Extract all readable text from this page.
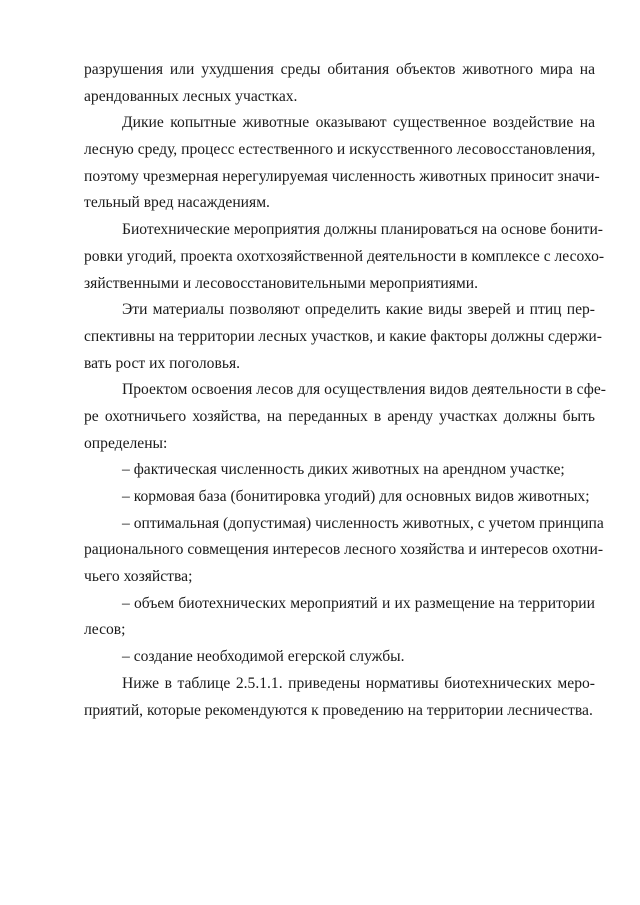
разрушения или ухудшения среды обитания объектов животного мира на
арендованных лесных участках.
Дикие копытные животные оказывают существенное воздействие на
лесную среду, процесс естественного и искусственного лесовосстановления,
поэтому чрезмерная нерегулируемая численность животных приносит значи-
тельный вред насаждениям.
Биотехнические мероприятия должны планироваться на основе бонити-
ровки угодий, проекта охотхозяйственной деятельности в комплексе с лесохо-
зяйственными и лесовосстановительными мероприятиями.
Эти материалы позволяют определить какие виды зверей и птиц пер-
спективны на территории лесных участков, и какие факторы должны сдержи-
вать рост их поголовья.
Проектом освоения лесов для осуществления видов деятельности в сфе-
ре охотничьего хозяйства, на переданных в аренду участках должны быть
определены:
– фактическая численность диких животных на арендном участке;
– кормовая база (бонитировка угодий) для основных видов животных;
– оптимальная (допустимая) численность животных, с учетом принципа
рационального совмещения интересов лесного хозяйства и интересов охотни-
чьего хозяйства;
– объем биотехнических мероприятий и их размещение на территории
лесов;
– создание необходимой егерской службы.
Ниже в таблице 2.5.1.1. приведены нормативы биотехнических меро-
приятий, которые рекомендуются к проведению на территории лесничества.
